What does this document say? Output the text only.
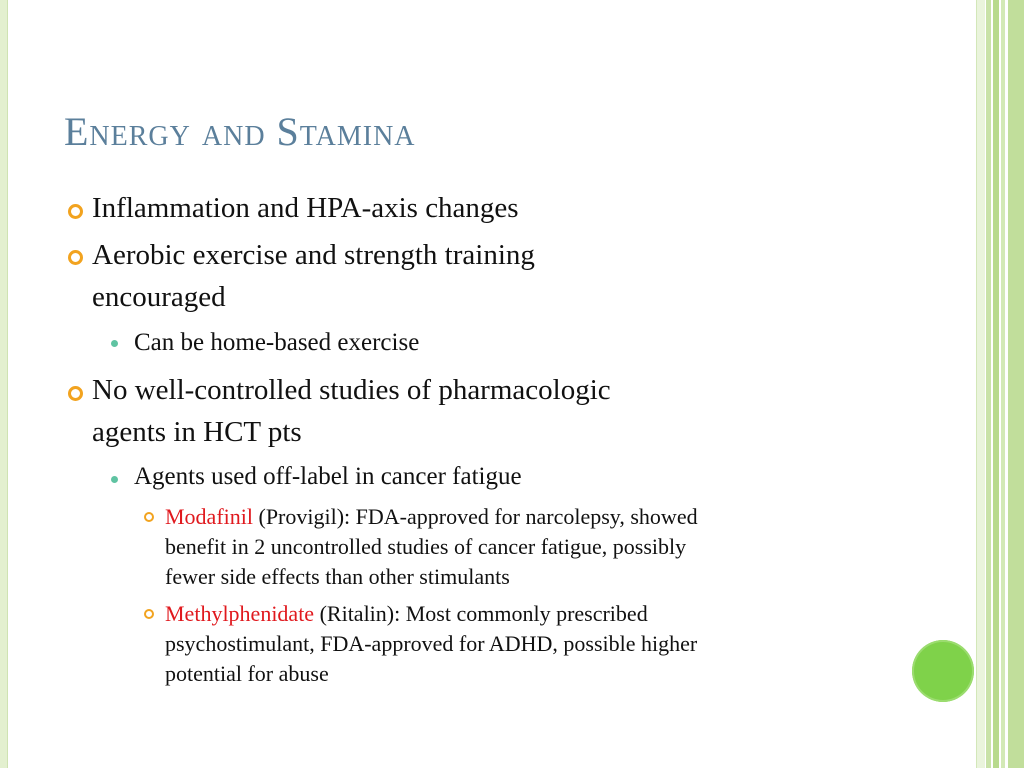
Energy and Stamina
Inflammation and HPA-axis changes
Aerobic exercise and strength training
encouraged
Can be home-based exercise
No well-controlled studies of pharmacologic
agents in HCT pts
Agents used off-label in cancer fatigue
Modafinil (Provigil): FDA-approved for narcolepsy, showed
benefit in 2 uncontrolled studies of cancer fatigue, possibly
fewer side effects than other stimulants
Methylphenidate (Ritalin): Most commonly prescribed
psychostimulant, FDA-approved for ADHD, possible higher
potential for abuse
